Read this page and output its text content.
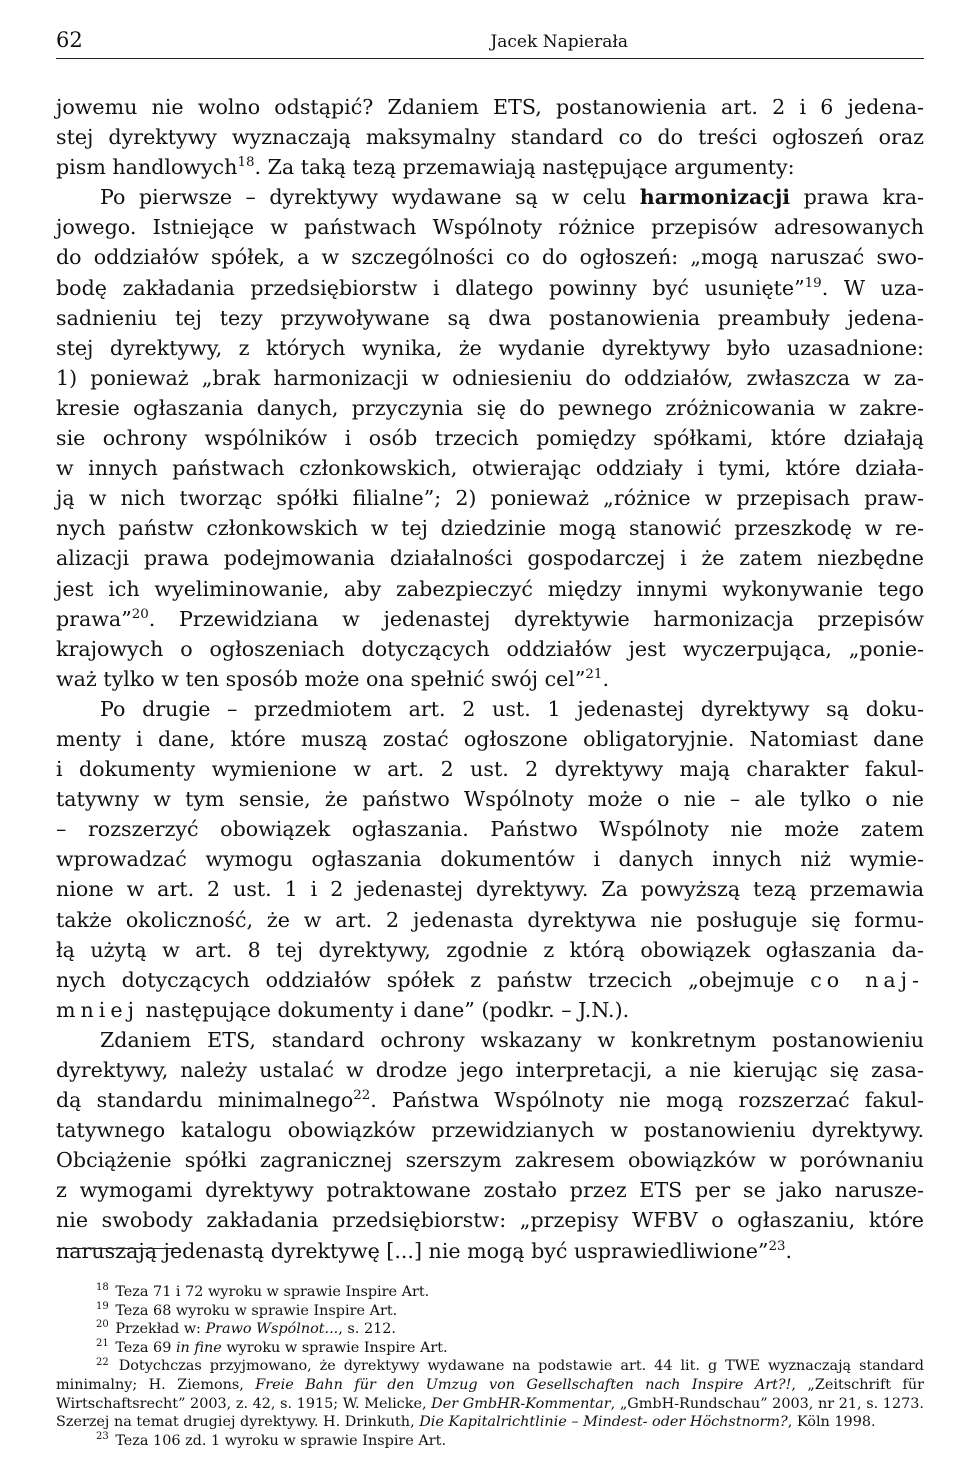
62	Jacek Napierała
jowemu nie wolno odstąpić? Zdaniem ETS, postanowienia art. 2 i 6 jedena-
stej dyrektywy wyznaczają maksymalny standard co do treści ogłoszeń oraz
pism handlowych$^{18}$. Za taką tezą przemawiają następujące argumenty:
Po pierwsze – dyrektywy wydawane są w celu harmonizacji prawa kra-
jowego. Istniejące w państwach Wspólnoty różnice przepisów adresowanych
do oddziałów spółek, a w szczególności co do ogłoszeń: „mogą naruszać swo-
bodę zakładania przedsiębiorstw i dlatego powinny być usunięte”$^{19}$. W uza-
sadnieniu tej tezy przywoływane są dwa postanowienia preambuły jedena-
stej dyrektywy, z których wynika, że wydanie dyrektywy było uzasadnione:
1) ponieważ „brak harmonizacji w odniesieniu do oddziałów, zwłaszcza w za-
kresie ogłaszania danych, przyczynia się do pewnego zróżnicowania w zakre-
sie ochrony wspólników i osób trzecich pomiędzy spółkami, które działają
w innych państwach członkowskich, otwierając oddziały i tymi, które działa-
ją w nich tworząc spółki filialne”; 2) ponieważ „różnice w przepisach praw-
nych państw członkowskich w tej dziedzinie mogą stanowić przeszkodę w re-
alizacji prawa podejmowania działalności gospodarczej i że zatem niezbędne
jest ich wyeliminowanie, aby zabezpieczyć między innymi wykonywanie tego
prawa”$^{20}$. Przewidziana w jedenastej dyrektywie harmonizacja przepisów
krajowych o ogłoszeniach dotyczących oddziałów jest wyczerpująca, „ponie-
waż tylko w ten sposób może ona spełnić swój cel”$^{21}$.
Po drugie – przedmiotem art. 2 ust. 1 jedenastej dyrektywy są doku-
menty i dane, które muszą zostać ogłoszone obligatoryjnie. Natomiast dane
i dokumenty wymienione w art. 2 ust. 2 dyrektywy mają charakter fakul-
tatywny w tym sensie, że państwo Wspólnoty może o nie – ale tylko o nie
– rozszerzyć obowiązek ogłaszania. Państwo Wspólnoty nie może zatem
wprowadzać wymogu ogłaszania dokumentów i danych innych niż wymie-
nione w art. 2 ust. 1 i 2 jedenastej dyrektywy. Za powyższą tezą przemawia
także okoliczność, że w art. 2 jedenasta dyrektywa nie posługuje się formu-
łą użytą w art. 8 tej dyrektywy, zgodnie z którą obowiązek ogłaszania da-
nych dotyczących oddziałów spółek z państw trzecich „obejmuje co naj-
mniej następujące dokumenty i dane” (podkr. – J.N.).
Zdaniem ETS, standard ochrony wskazany w konkretnym postanowieniu
dyrektywy, należy ustalać w drodze jego interpretacji, a nie kierując się zasa-
dą standardu minimalnego$^{22}$. Państwa Wspólnoty nie mogą rozszerzać fakul-
tatywnego katalogu obowiązków przewidzianych w postanowieniu dyrektywy.
Obciążenie spółki zagranicznej szerszym zakresem obowiązków w porównaniu
z wymogami dyrektywy potraktowane zostało przez ETS per se jako narusze-
nie swobody zakładania przedsiębiorstw: „przepisy WFBV o ogłaszaniu, które
naruszają jedenastą dyrektywę [...] nie mogą być usprawiedliwione”$^{23}$.

$^{18}$ Teza 71 i 72 wyroku w sprawie Inspire Art.

$^{19}$ Teza 68 wyroku w sprawie Inspire Art.

$^{20}$ Przekład w: Prawo Wspólnot..., s. 212.

$^{21}$ Teza 69 in fine wyroku w sprawie Inspire Art.

$^{22}$ Dotychczas przyjmowano, że dyrektywy wydawane na podstawie art. 44 lit. g TWE wyznaczają standard minimalny; H. Ziemons, Freie Bahn für den Umzug von Gesellschaften nach Inspire Art?!, „Zeitschrift für Wirtschaftsrecht” 2003, z. 42, s. 1915; W. Melicke, Der GmbHR-Kommentar, „GmbH-Rundschau” 2003, nr 21, s. 1273. Szerzej na temat drugiej dyrektywy. H. Drinkuth, Die Kapitalrichtlinie – Mindest- oder Höchstnorm?, Köln 1998.

$^{23}$ Teza 106 zd. 1 wyroku w sprawie Inspire Art.
